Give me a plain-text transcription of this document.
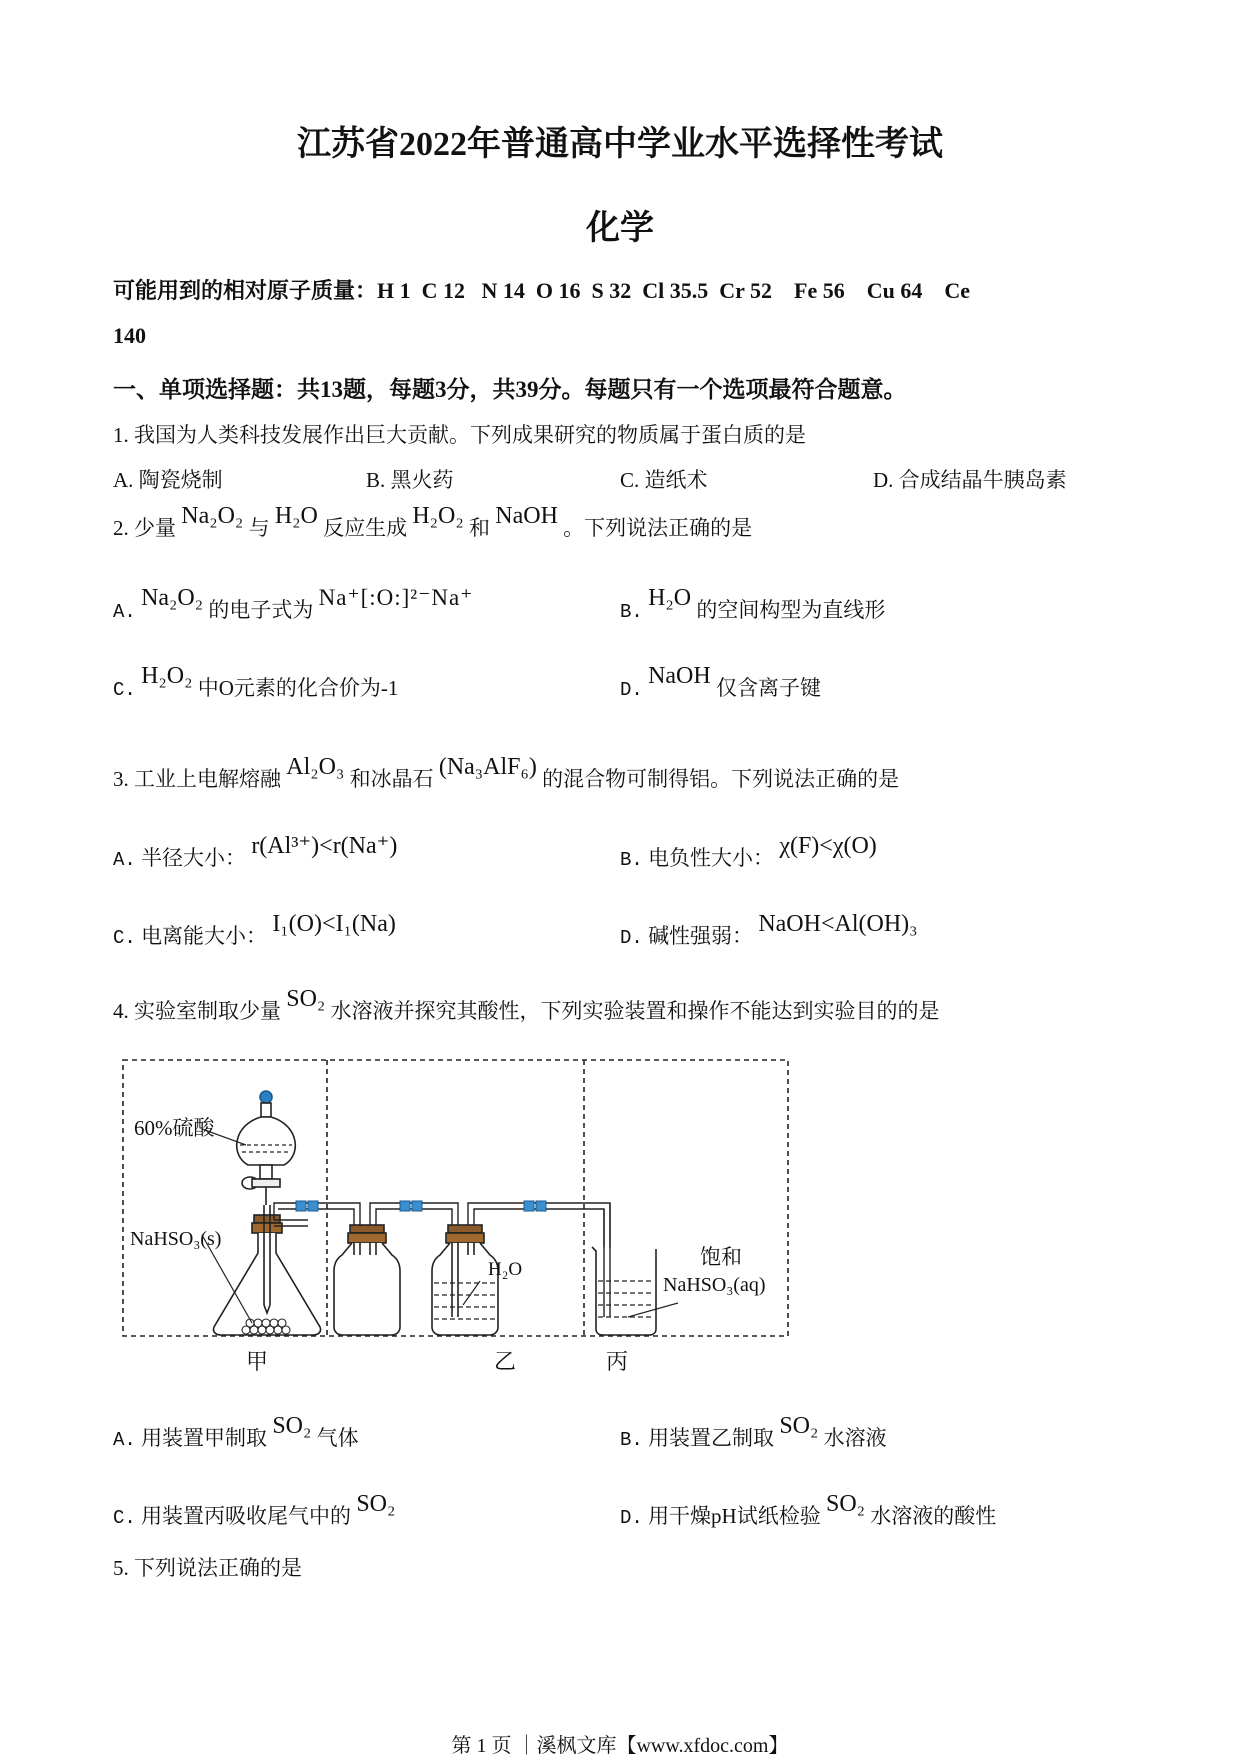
江苏省2022年普通高中学业水平选择性考试
化学
可能用到的相对原子质量：H 1  C 12   N 14  O 16  S 32  Cl 35.5  Cr 52    Fe 56    Cu 64    Ce
140
一、单项选择题：共13题，每题3分，共39分。每题只有一个选项最符合题意。
1. 我国为人类科技发展作出巨大贡献。下列成果研究的物质属于蛋白质的是
A. 陶瓷烧制	B. 黑火药	C. 造纸术	D. 合成结晶牛胰岛素
2. 少量 Na₂O₂ 与 H₂O 反应生成 H₂O₂ 和 NaOH 。下列说法正确的是
A. Na₂O₂ 的电子式为 Na⁺[:O:]²⁻Na⁺
B. H₂O 的空间构型为直线形
C. H₂O₂ 中O元素的化合价为-1	D. NaOH 仅含离子键
3. 工业上电解熔融 Al₂O₃ 和冰晶石 (Na₃AlF₆) 的混合物可制得铝。下列说法正确的是
A. 半径大小： r(Al³⁺)<r(Na⁺)
B. 电负性大小： χ(F)<χ(O)
C. 电离能大小： I₁(O)<I₁(Na)
D. 碱性强弱： NaOH<Al(OH)₃
4. 实验室制取少量 SO₂ 水溶液并探究其酸性，下列实验装置和操作不能达到实验目的的是
60%硫酸
NaHSO₃(s)
H₂O
饱和
NaHSO₃(aq)
甲	乙	丙
A. 用装置甲制取 SO₂ 气体	B. 用装置乙制取 SO₂ 水溶液
C. 用装置丙吸收尾气中的 SO₂
D. 用干燥pH试纸检验 SO₂ 水溶液的酸性
5. 下列说法正确的是
第 1 页 ｜溪枫文库【www.xfdoc.com】
